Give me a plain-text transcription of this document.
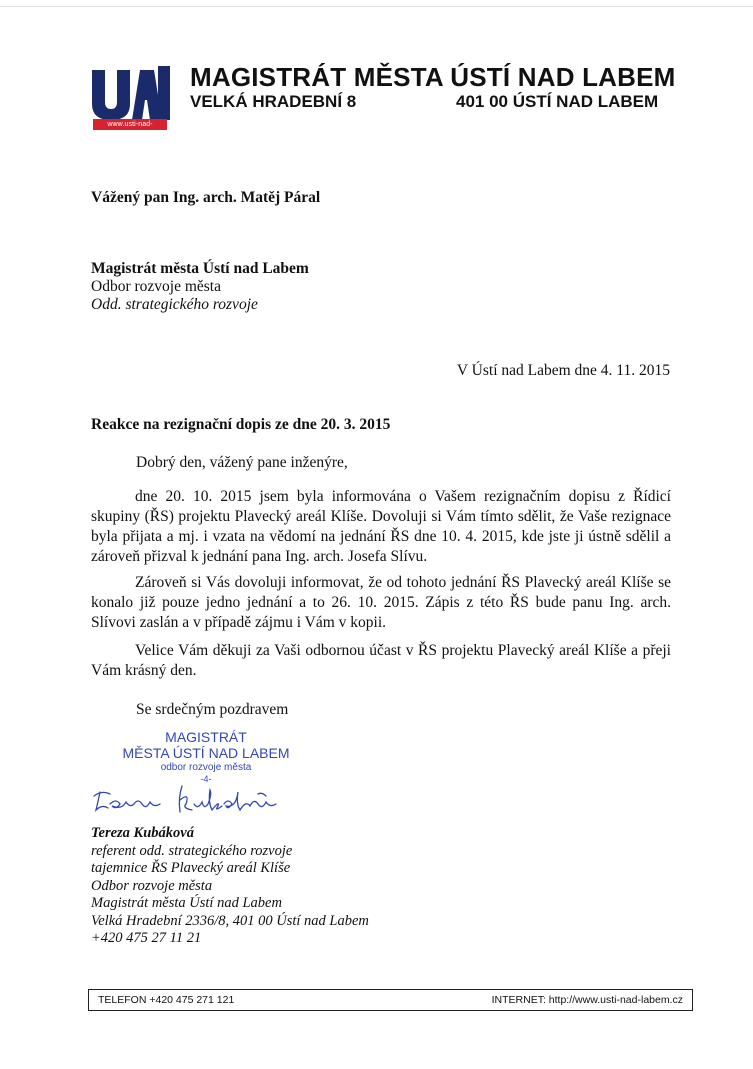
www.usti-nad-labem.cz
MAGISTRÁT MĚSTA ÚSTÍ NAD LABEM
VELKÁ HRADEBNÍ 8	401 00 ÚSTÍ NAD LABEM
Vážený pan Ing. arch. Matěj Páral
Magistrát města Ústí nad Labem
Odbor rozvoje města
Odd. strategického rozvoje
V Ústí nad Labem dne 4. 11. 2015
Reakce na rezignační dopis ze dne 20. 3. 2015
Dobrý den, vážený pane inženýre,

dne 20. 10. 2015 jsem byla informována o Vašem rezignačním dopisu z Řídicí skupiny (ŘS) projektu Plavecký areál Klíše. Dovoluji si Vám tímto sdělit, že Vaše rezignace byla přijata a mj. i vzata na vědomí na jednání ŘS dne 10. 4. 2015, kde jste ji ústně sdělil a zároveň přizval k jednání pana Ing. arch. Josefa Slívu.

Zároveň si Vás dovoluji informovat, že od tohoto jednání ŘS Plavecký areál Klíše se konalo již pouze jedno jednání a to 26. 10. 2015. Zápis z této ŘS bude panu Ing. arch. Slívovi zaslán a v případě zájmu i Vám v kopii.

Velice Vám děkuji za Vaši odbornou účast v ŘS projektu Plavecký areál Klíše a přeji Vám krásný den.

Se srdečným pozdravem
MAGISTRÁT
MĚSTA ÚSTÍ NAD LABEM
odbor rozvoje města
-4-
Tereza Kubáková
referent odd. strategického rozvoje
tajemnice ŘS Plavecký areál Klíše
Odbor rozvoje města
Magistrát města Ústí nad Labem
Velká Hradební 2336/8, 401 00 Ústí nad Labem
+420 475 27 11 21
TELEFON +420 475 271 121	INTERNET: http://www.usti-nad-labem.cz
